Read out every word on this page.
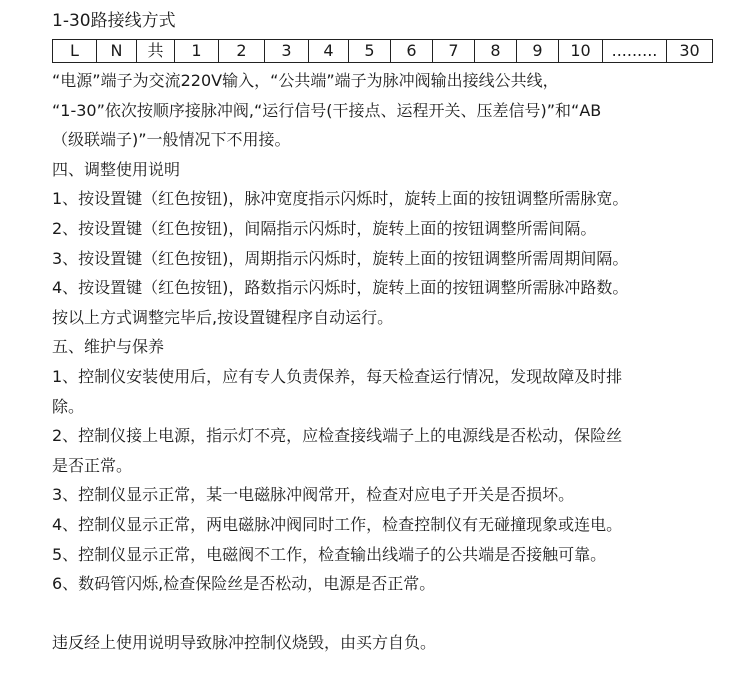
1-30路接线方式
L	N	共	1	2	3	4	5	6	7	8	9	10	.........	30
“电源”端子为交流220V输入，“公共端”端子为脉冲阀输出接线公共线，
“1-30”依次按顺序接脉冲阀,“运行信号(干接点、运程开关、压差信号)”和“AB
（级联端子)”一般情况下不用接。
四、调整使用说明
1、按设置键（红色按钮)，脉冲宽度指示闪烁时，旋转上面的按钮调整所需脉宽。
2、按设置键（红色按钮)，间隔指示闪烁时，旋转上面的按钮调整所需间隔。
3、按设置键（红色按钮)，周期指示闪烁时，旋转上面的按钮调整所需周期间隔。
4、按设置键（红色按钮)，路数指示闪烁时，旋转上面的按钮调整所需脉冲路数。
按以上方式调整完毕后,按设置键程序自动运行。
五、维护与保养
1、控制仪安装使用后，应有专人负责保养，每天检查运行情况，发现故障及时排
除。
2、控制仪接上电源，指示灯不亮，应检查接线端子上的电源线是否松动，保险丝
是否正常。
3、控制仪显示正常，某一电磁脉冲阀常开，检查对应电子开关是否损坏。
4、控制仪显示正常，两电磁脉冲阀同时工作，检查控制仪有无碰撞现象或连电。
5、控制仪显示正常，电磁阀不工作，检查输出线端子的公共端是否接触可靠。
6、数码管闪烁,检查保险丝是否松动，电源是否正常。
违反经上使用说明导致脉冲控制仪烧毁，由买方自负。
